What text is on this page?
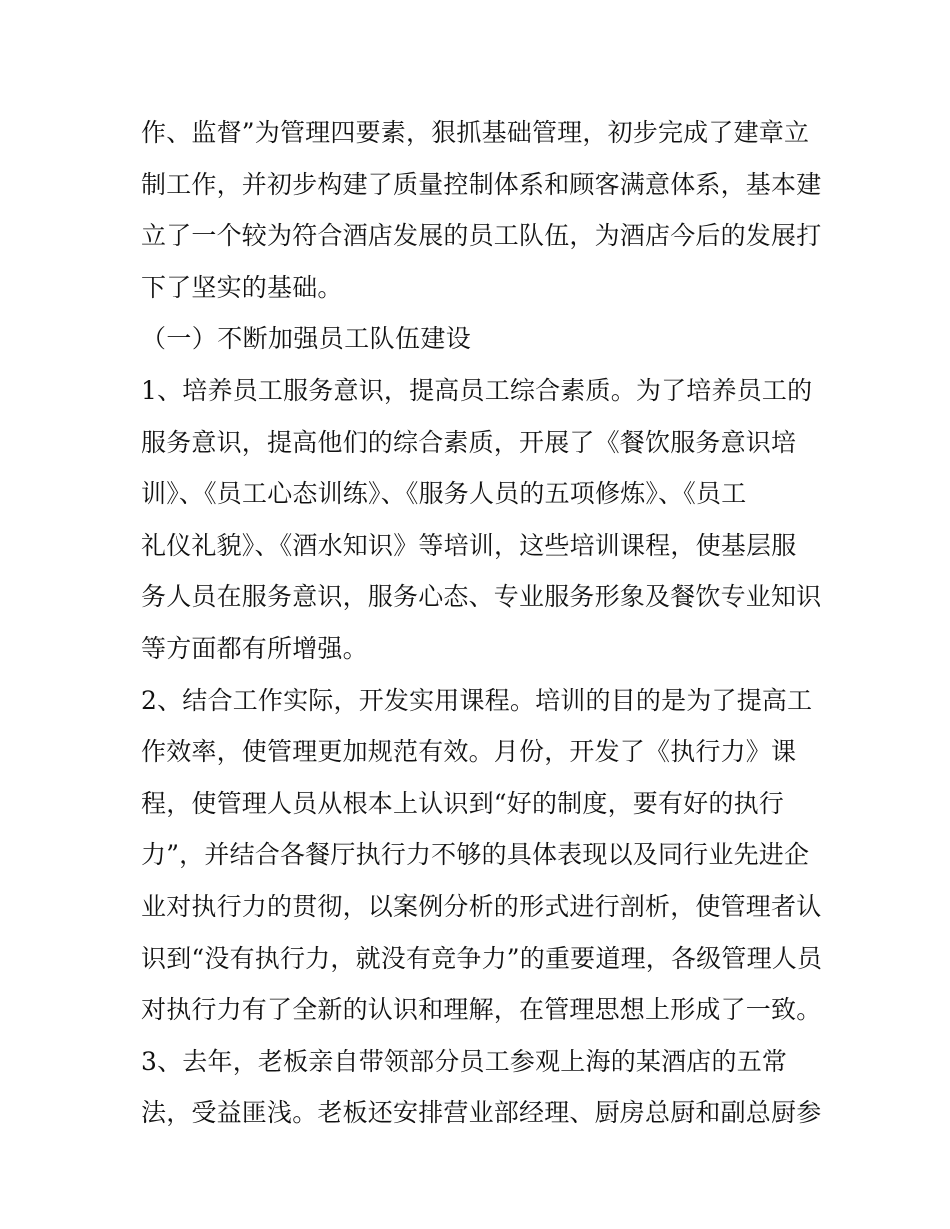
作、监督”为管理四要素，狠抓基础管理，初步完成了建章立
制工作，并初步构建了质量控制体系和顾客满意体系，基本建
立了一个较为符合酒店发展的员工队伍，为酒店今后的发展打
下了坚实的基础。
（一）不断加强员工队伍建设
1、培养员工服务意识，提高员工综合素质。为了培养员工的
服务意识，提高他们的综合素质，开展了《餐饮服务意识培
训》、《员工心态训练》、《服务人员的五项修炼》、《员工
礼仪礼貌》、《酒水知识》等培训，这些培训课程，使基层服
务人员在服务意识，服务心态、专业服务形象及餐饮专业知识
等方面都有所增强。
2、结合工作实际，开发实用课程。培训的目的是为了提高工
作效率，使管理更加规范有效。月份，开发了《执行力》课
程，使管理人员从根本上认识到“好的制度，要有好的执行
力”，并结合各餐厅执行力不够的具体表现以及同行业先进企
业对执行力的贯彻，以案例分析的形式进行剖析，使管理者认
识到“没有执行力，就没有竞争力”的重要道理，各级管理人员
对执行力有了全新的认识和理解，在管理思想上形成了一致。
3、去年，老板亲自带领部分员工参观上海的某酒店的五常
法，受益匪浅。老板还安排营业部经理、厨房总厨和副总厨参
